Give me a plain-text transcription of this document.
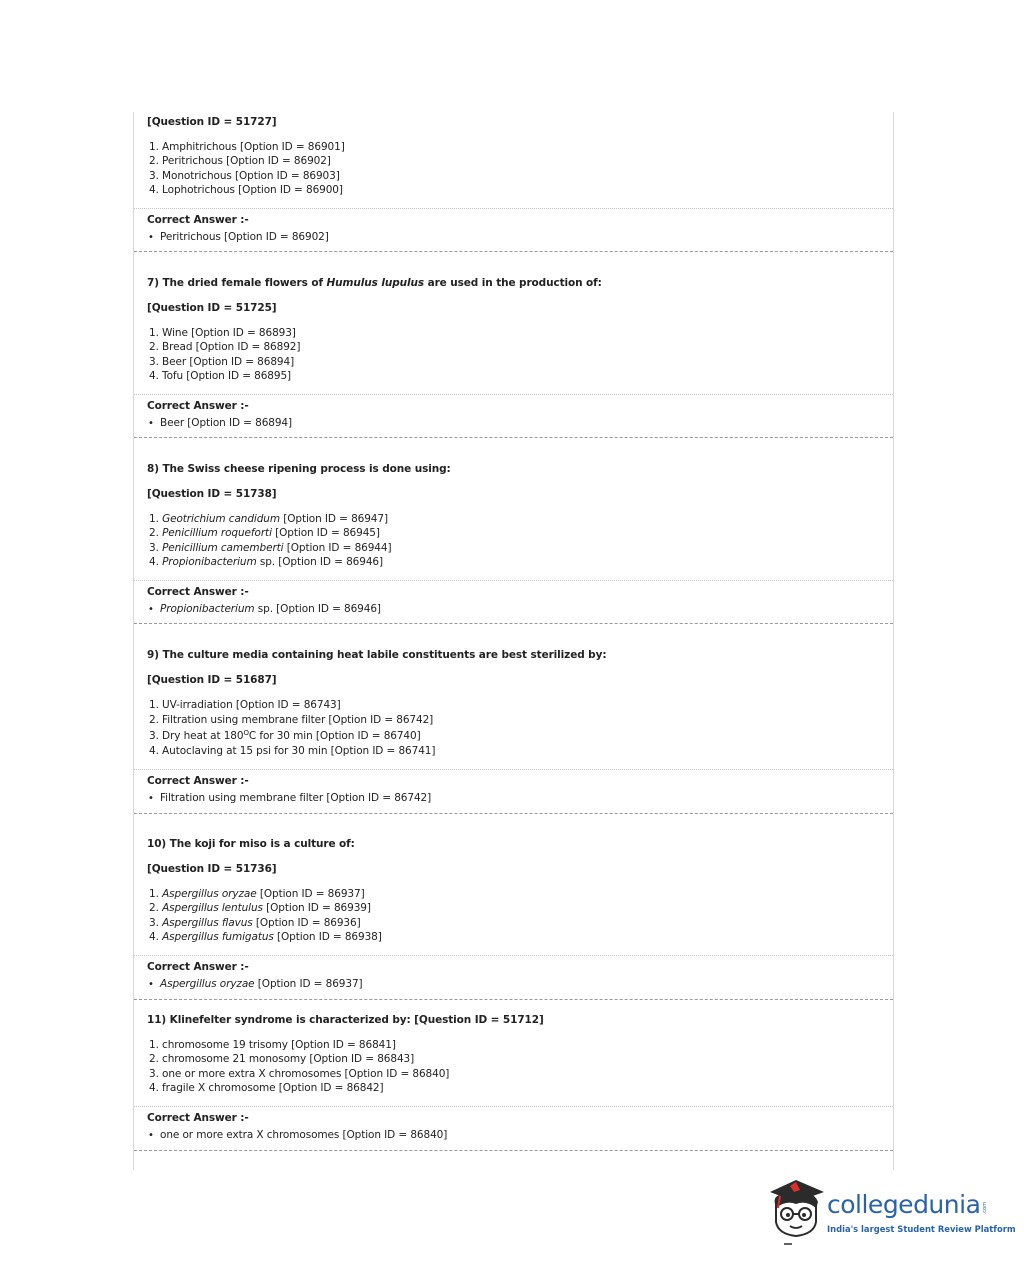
[Question ID = 51727]
1. Amphitrichous [Option ID = 86901]
2. Peritrichous [Option ID = 86902]
3. Monotrichous [Option ID = 86903]
4. Lophotrichous [Option ID = 86900]
Correct Answer :-
• Peritrichous [Option ID = 86902]
7) The dried female flowers of Humulus lupulus are used in the production of:
[Question ID = 51725]
1. Wine [Option ID = 86893]
2. Bread [Option ID = 86892]
3. Beer [Option ID = 86894]
4. Tofu [Option ID = 86895]
Correct Answer :-
• Beer [Option ID = 86894]
8) The Swiss cheese ripening process is done using:
[Question ID = 51738]
1. Geotrichium candidum [Option ID = 86947]
2. Penicillium roqueforti [Option ID = 86945]
3. Penicillium camemberti [Option ID = 86944]
4. Propionibacterium sp. [Option ID = 86946]
Correct Answer :-
• Propionibacterium sp. [Option ID = 86946]
9) The culture media containing heat labile constituents are best sterilized by:
[Question ID = 51687]
1. UV-irradiation [Option ID = 86743]
2. Filtration using membrane filter [Option ID = 86742]
3. Dry heat at $180^OC$ for 30 min [Option ID = 86740]
4. Autoclaving at 15 psi for 30 min [Option ID = 86741]
Correct Answer :-
• Filtration using membrane filter [Option ID = 86742]
10) The koji for miso is a culture of:
[Question ID = 51736]
1. Aspergillus oryzae [Option ID = 86937]
2. Aspergillus lentulus [Option ID = 86939]
3. Aspergillus flavus [Option ID = 86936]
4. Aspergillus fumigatus [Option ID = 86938]
Correct Answer :-
• Aspergillus oryzae [Option ID = 86937]
11) Klinefelter syndrome is characterized by: [Question ID = 51712]
1. chromosome 19 trisomy [Option ID = 86841]
2. chromosome 21 monosomy [Option ID = 86843]
3. one or more extra X chromosomes [Option ID = 86840]
4. fragile X chromosome [Option ID = 86842]
Correct Answer :-
• one or more extra X chromosomes [Option ID = 86840]
collegedunia .com
India's largest Student Review Platform
